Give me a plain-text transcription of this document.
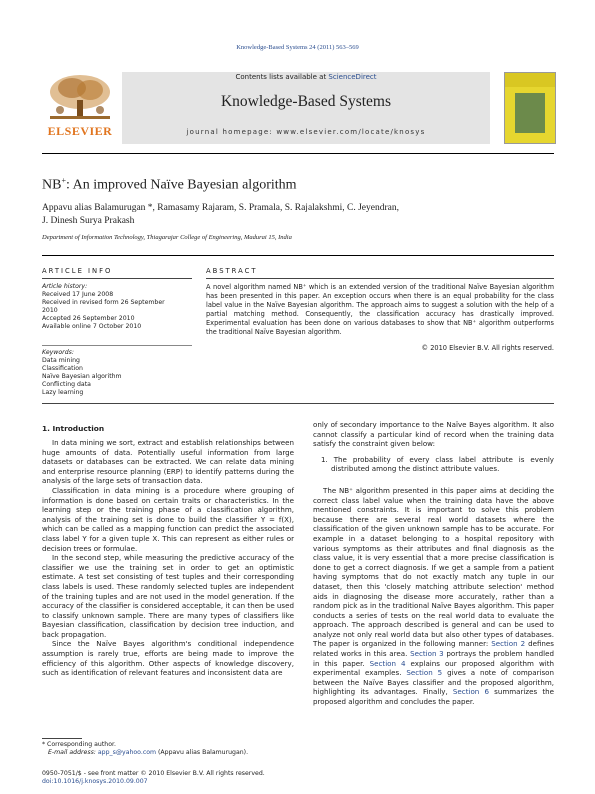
Knowledge-Based Systems 24 (2011) 563–569
ELSEVIER
Contents lists available at ScienceDirect
Knowledge-Based Systems
journal homepage: www.elsevier.com/locate/knosys
NB+: An improved Naïve Bayesian algorithm
Appavu alias Balamurugan *, Ramasamy Rajaram, S. Pramala, S. Rajalakshmi, C. Jeyendran,
J. Dinesh Surya Prakash
Department of Information Technology, Thiagarajar College of Engineering, Madurai 15, India
ARTICLE INFO	ABSTRACT
Article history:
Received 17 June 2008
Received in revised form 26 September
2010
Accepted 26 September 2010
Available online 7 October 2010
Keywords:
Data mining
Classification
Naïve Bayesian algorithm
Conflicting data
Lazy learning
A novel algorithm named NB⁺ which is an extended version of the traditional Naïve Bayesian algorithm has been presented in this paper. An exception occurs when there is an equal probability for the class label value in the Naïve Bayesian algorithm. The approach aims to suggest a solution with the help of a partial matching method. Consequently, the classification accuracy has drastically improved. Experimental evaluation has been done on various databases to show that NB⁺ algorithm outperforms the traditional Naïve Bayesian algorithm.
© 2010 Elsevier B.V. All rights reserved.
1. Introduction

In data mining we sort, extract and establish relationships between huge amounts of data. Potentially useful information from large datasets or databases can be extracted. We can relate data mining and enterprise resource planning (ERP) to identify patterns during the analysis of the large sets of transaction data.

Classification in data mining is a procedure where grouping of information is done based on certain traits or characteristics. In the learning step or the training phase of a classification algorithm, analysis of the training set is done to build the classifier Y = f(X), which can be called as a mapping function can predict the associated class label Y for a given tuple X. This can represent as either rules or decision trees or formulae.

In the second step, while measuring the predictive accuracy of the classifier we use the training set in order to get an optimistic estimate. A test set consisting of test tuples and their corresponding class labels is used. These randomly selected tuples are independent of the training tuples and are not used in the model generation. If the accuracy of the classifier is considered acceptable, it can then be used to classify unknown sample. There are many types of classifiers like Bayesian classification, classification by decision tree induction, and back propagation.

Since the Naïve Bayes algorithm's conditional independence assumption is rarely true, efforts are being made to improve the efficiency of this algorithm. Other aspects of knowledge discovery, such as identification of relevant features and inconsistent data are

only of secondary importance to the Naïve Bayes algorithm. It also cannot classify a particular kind of record when the training data satisfy the constraint given below:

1. The probability of every class label attribute is evenly distributed among the distinct attribute values.

The NB⁺ algorithm presented in this paper aims at deciding the correct class label value when the training data have the above mentioned constraints. It is important to solve this problem because there are several real world datasets where the classification of the given unknown sample has to be accurate. For example in a dataset belonging to a hospital repository with various symptoms as their attributes and final diagnosis as the class value, it is very essential that a more precise classification is done to get a correct diagnosis. If we get a sample from a patient having symptoms that do not exactly match any tuple in our dataset, then this 'closely matching attribute selection' method aids in diagnosing the disease more accurately, rather than a random pick as in the traditional Naïve Bayes algorithm. This paper conducts a series of tests on the real world data to evaluate the approach. The approach described is general and can be used to analyze not only real world data but also other types of databases. The paper is organized in the following manner: Section 2 defines related works in this area. Section 3 portrays the problem handled in this paper. Section 4 explains our proposed algorithm with experimental examples. Section 5 gives a note of comparison between the Naïve Bayes classifier and the proposed algorithm, highlighting its advantages. Finally, Section 6 summarizes the proposed algorithm and concludes the paper.

* Corresponding author.
E-mail address: app_s@yahoo.com (Appavu alias Balamurugan).
0950-7051/$ - see front matter © 2010 Elsevier B.V. All rights reserved.
doi:10.1016/j.knosys.2010.09.007
